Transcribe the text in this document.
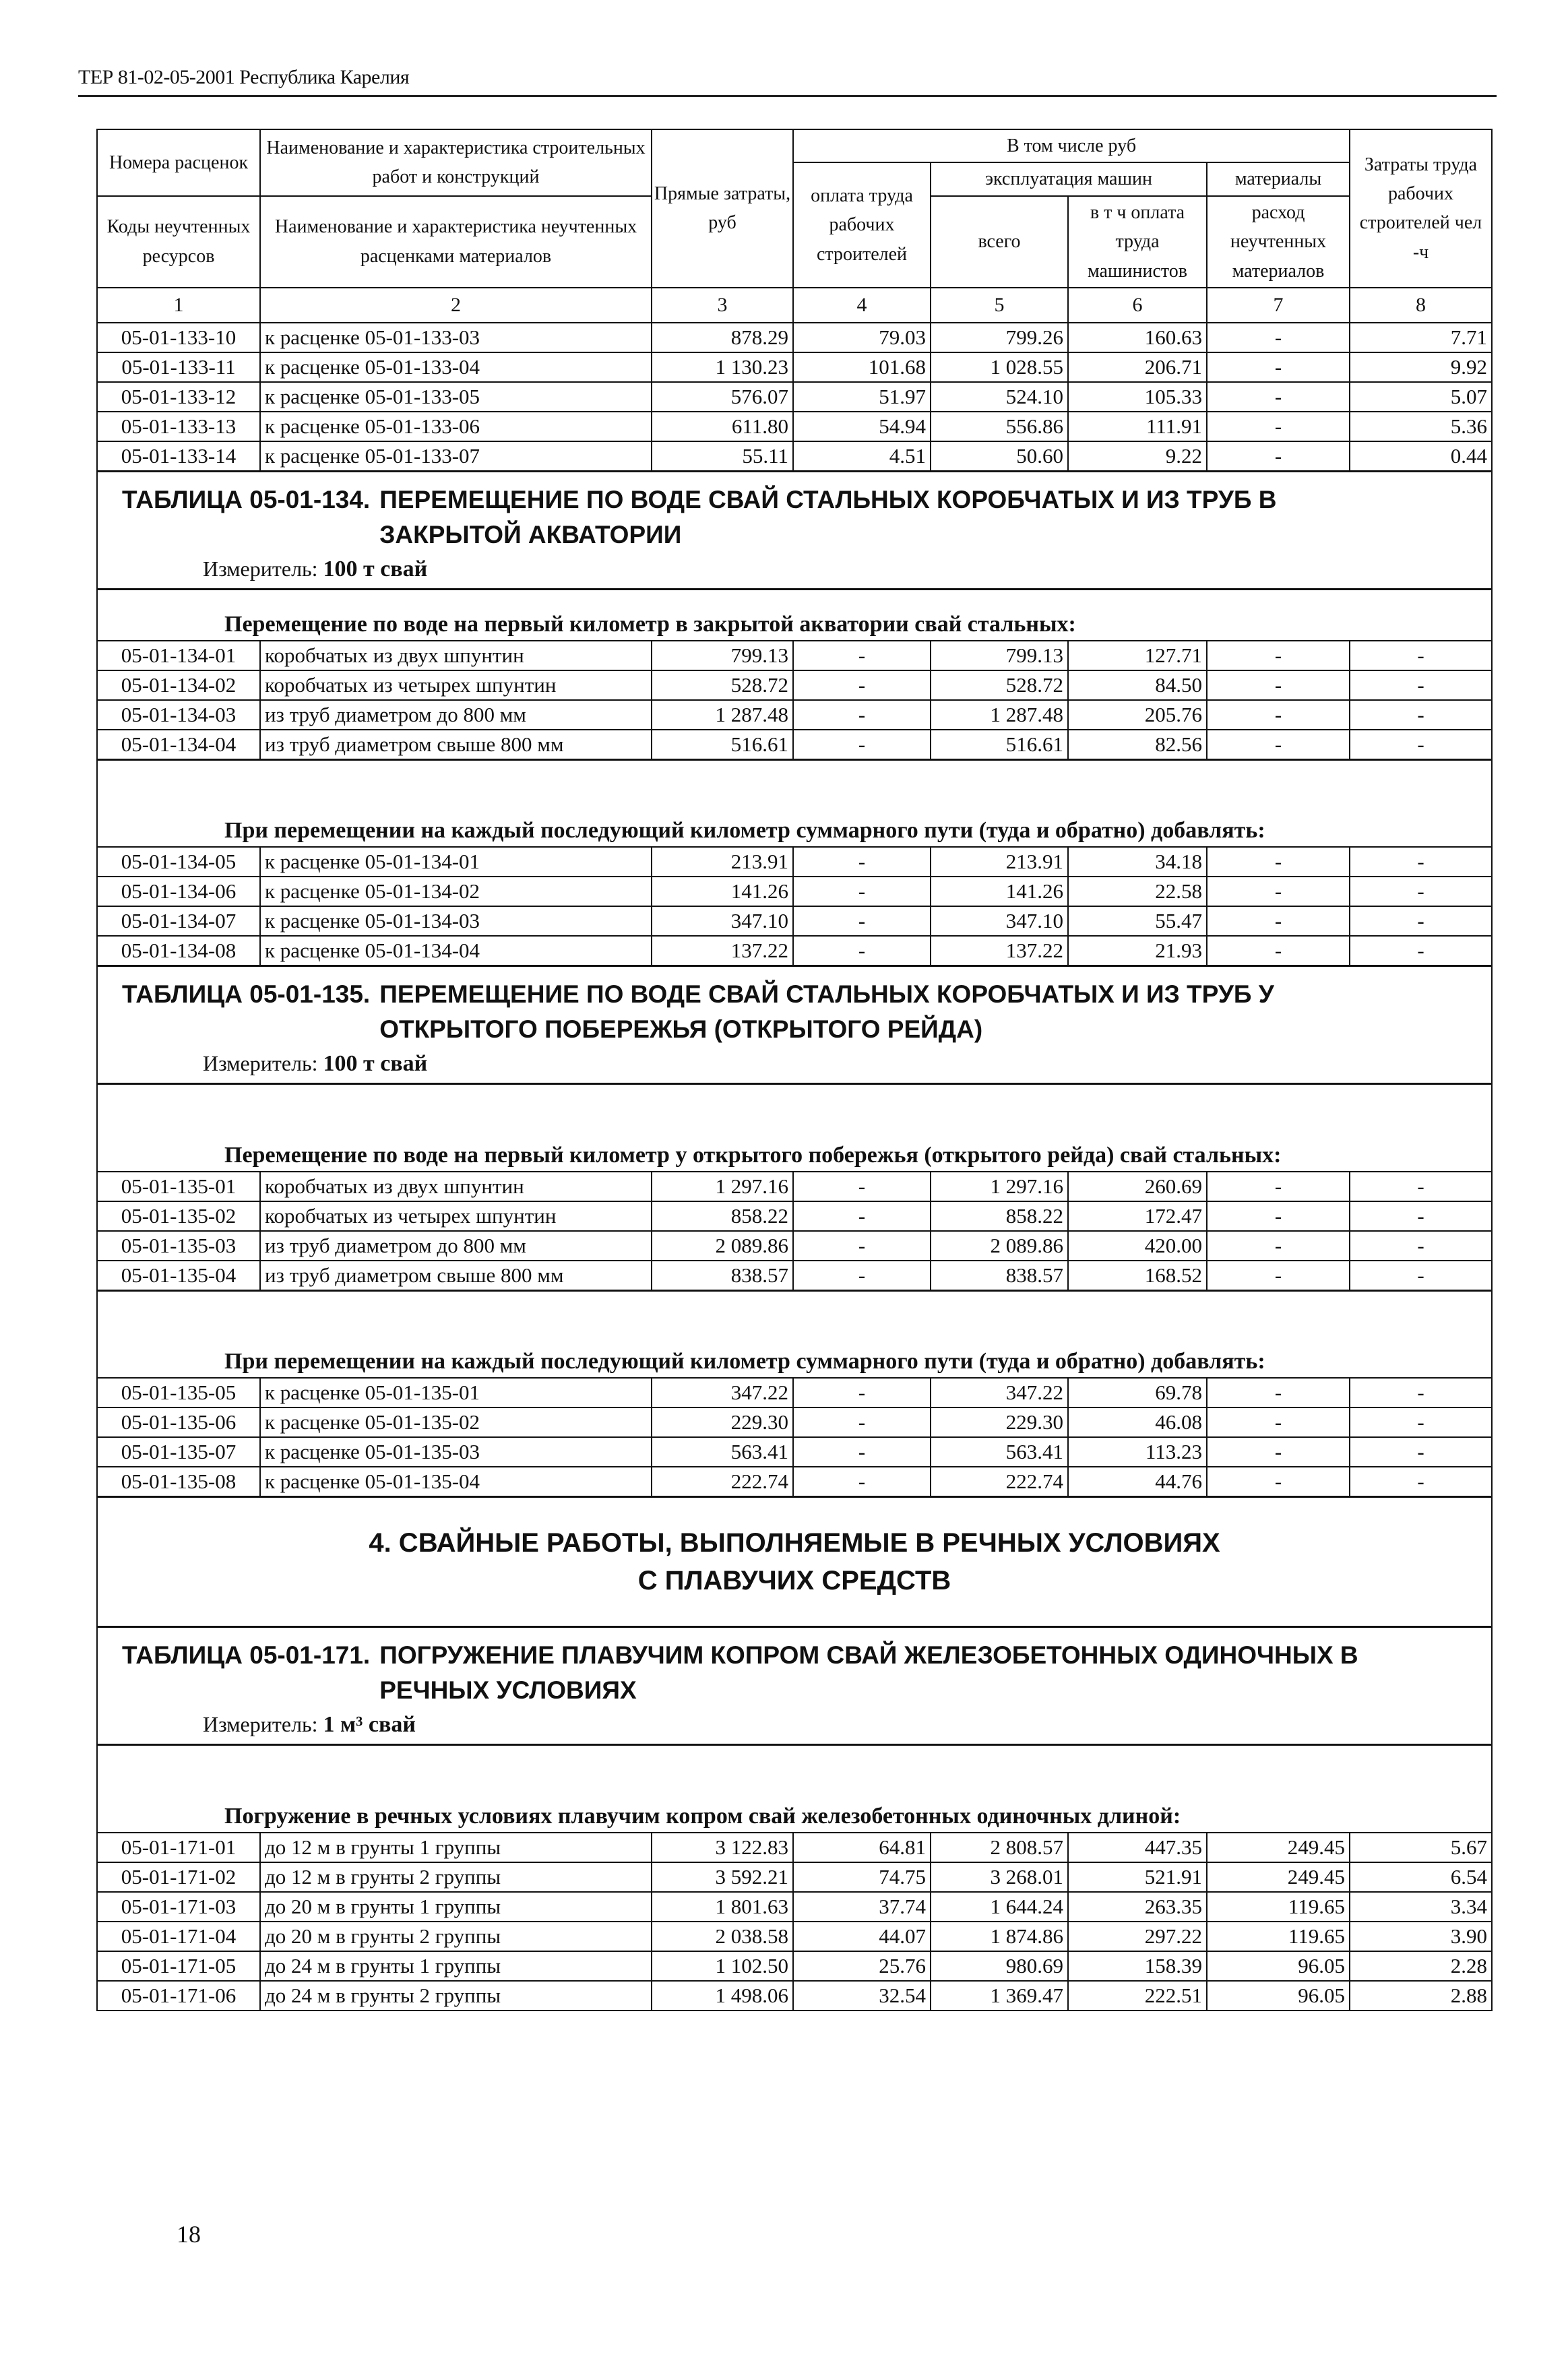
ТЕР 81-02-05-2001 Республика Карелия
Номера расценок	Наименование и характеристика строительных работ и конструкций	Прямые затраты, руб	В том числе руб				Затраты труда рабочих строителей чел -ч
			оплата труда рабочих строителей	эксплуатация машин		материалы	
Коды неучтенных ресурсов	Наименование и характеристика неучтенных расценками материалов			всего	в т ч оплата труда машинистов	расход неучтенных материалов	
1	2	3	4	5	6	7	8
05-01-133-10	к расценке 05-01-133-03	878.29	79.03	799.26	160.63	-	7.71
05-01-133-11	к расценке 05-01-133-04	1 130.23	101.68	1 028.55	206.71	-	9.92
05-01-133-12	к расценке 05-01-133-05	576.07	51.97	524.10	105.33	-	5.07
05-01-133-13	к расценке 05-01-133-06	611.80	54.94	556.86	111.91	-	5.36
05-01-133-14	к расценке 05-01-133-07	55.11	4.51	50.60	9.22	-	0.44

ТАБЛИЦА 05-01-134. ПЕРЕМЕЩЕНИЕ ПО ВОДЕ СВАЙ СТАЛЬНЫХ КОРОБЧАТЫХ И ИЗ ТРУБ В ЗАКРЫТОЙ АКВАТОРИИ
Измеритель: 100 т свай							

Перемещение по воде на первый километр в закрытой акватории свай стальных:							

05-01-134-01	коробчатых из двух шпунтин	799.13	-	799.13	127.71	-	-
05-01-134-02	коробчатых из четырех шпунтин	528.72	-	528.72	84.50	-	-
05-01-134-03	из труб диаметром до 800 мм	1 287.48	-	1 287.48	205.76	-	-
05-01-134-04	из труб диаметром свыше 800 мм	516.61	-	516.61	82.56	-	-

При перемещении на каждый последующий километр суммарного пути (туда и обратно) добавлять:							

05-01-134-05	к расценке 05-01-134-01	213.91	-	213.91	34.18	-	-
05-01-134-06	к расценке 05-01-134-02	141.26	-	141.26	22.58	-	-
05-01-134-07	к расценке 05-01-134-03	347.10	-	347.10	55.47	-	-
05-01-134-08	к расценке 05-01-134-04	137.22	-	137.22	21.93	-	-

ТАБЛИЦА 05-01-135. ПЕРЕМЕЩЕНИЕ ПО ВОДЕ СВАЙ СТАЛЬНЫХ КОРОБЧАТЫХ И ИЗ ТРУБ У ОТКРЫТОГО ПОБЕРЕЖЬЯ (ОТКРЫТОГО РЕЙДА)
Измеритель: 100 т свай							

Перемещение по воде на первый километр у открытого побережья (открытого рейда) свай стальных:							

05-01-135-01	коробчатых из двух шпунтин	1 297.16	-	1 297.16	260.69	-	-
05-01-135-02	коробчатых из четырех шпунтин	858.22	-	858.22	172.47	-	-
05-01-135-03	из труб диаметром до 800 мм	2 089.86	-	2 089.86	420.00	-	-
05-01-135-04	из труб диаметром свыше 800 мм	838.57	-	838.57	168.52	-	-

При перемещении на каждый последующий километр суммарного пути (туда и обратно) добавлять:							

05-01-135-05	к расценке 05-01-135-01	347.22	-	347.22	69.78	-	-
05-01-135-06	к расценке 05-01-135-02	229.30	-	229.30	46.08	-	-
05-01-135-07	к расценке 05-01-135-03	563.41	-	563.41	113.23	-	-
05-01-135-08	к расценке 05-01-135-04	222.74	-	222.74	44.76	-	-

4. СВАЙНЫЕ РАБОТЫ, ВЫПОЛНЯЕМЫЕ В РЕЧНЫХ УСЛОВИЯХ
С ПЛАВУЧИХ СРЕДСТВ							

ТАБЛИЦА 05-01-171. ПОГРУЖЕНИЕ ПЛАВУЧИМ КОПРОМ СВАЙ ЖЕЛЕЗОБЕТОННЫХ ОДИНОЧНЫХ В РЕЧНЫХ УСЛОВИЯХ
Измеритель: 1 м³ свай							

Погружение в речных условиях плавучим копром свай железобетонных одиночных длиной:							

05-01-171-01	до 12 м в грунты 1 группы	3 122.83	64.81	2 808.57	447.35	249.45	5.67
05-01-171-02	до 12 м в грунты 2 группы	3 592.21	74.75	3 268.01	521.91	249.45	6.54
05-01-171-03	до 20 м в грунты 1 группы	1 801.63	37.74	1 644.24	263.35	119.65	3.34
05-01-171-04	до 20 м в грунты 2 группы	2 038.58	44.07	1 874.86	297.22	119.65	3.90
05-01-171-05	до 24 м в грунты 1 группы	1 102.50	25.76	980.69	158.39	96.05	2.28
05-01-171-06	до 24 м в грунты 2 группы	1 498.06	32.54	1 369.47	222.51	96.05	2.88
18
